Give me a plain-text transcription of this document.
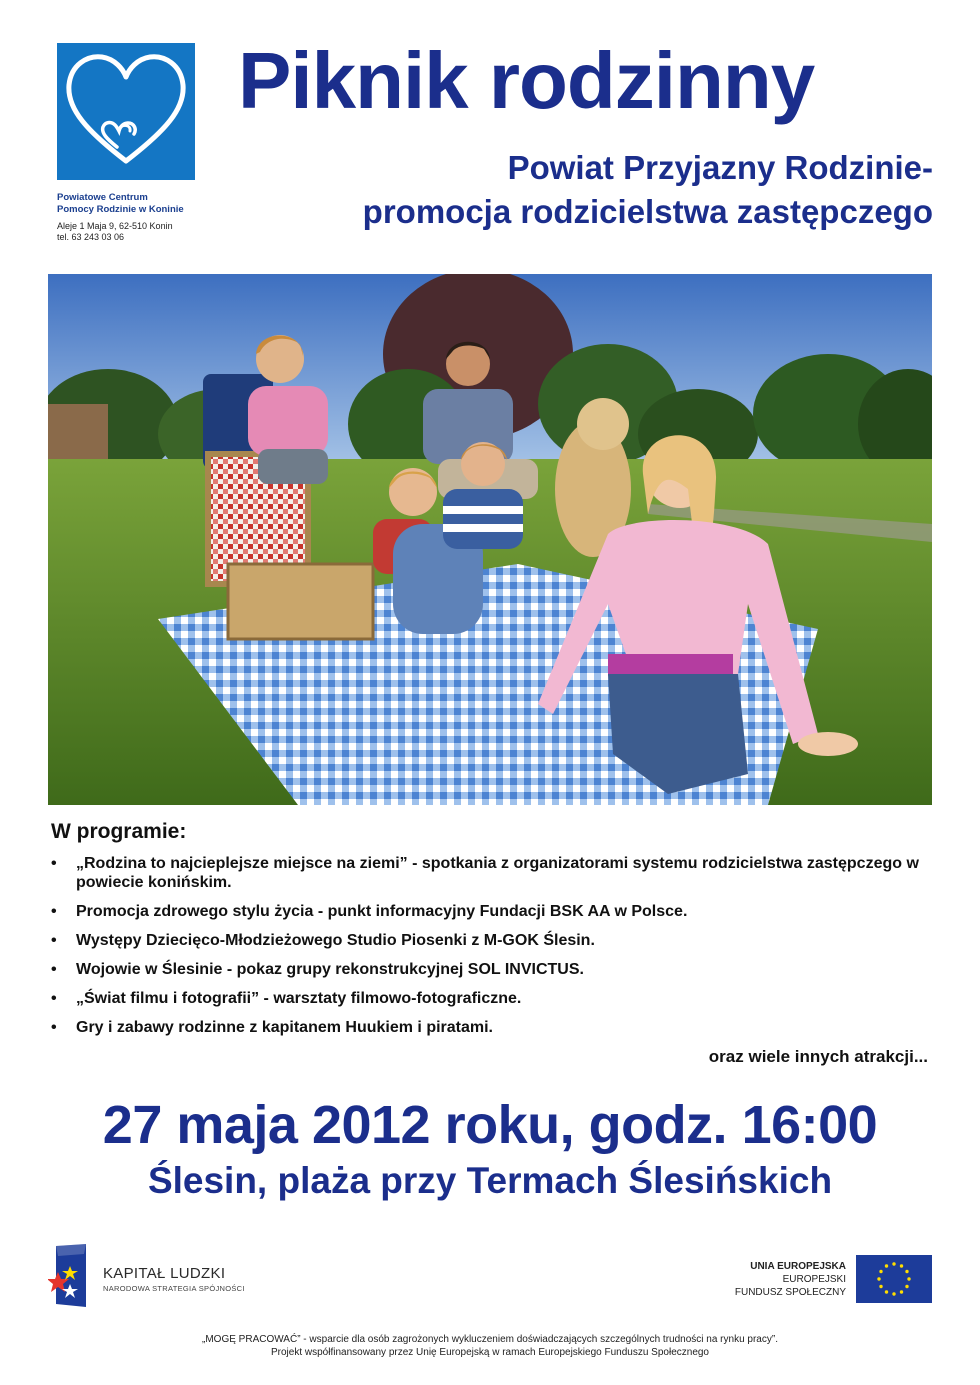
Powiatowe Centrum
Pomocy Rodzinie w Koninie
Aleje 1 Maja 9, 62-510 Konin
tel. 63 243 03 06
Piknik rodzinny
Powiat Przyjazny Rodzinie-
promocja rodzicielstwa zastępczego
W programie:
• „Rodzina to najcieplejsze miejsce na ziemi” - spotkania z organizatorami systemu rodzicielstwa zastępczego w powiecie konińskim.
• Promocja zdrowego stylu życia - punkt informacyjny Fundacji BSK AA w Polsce.
• Występy Dziecięco-Młodzieżowego Studio Piosenki z M-GOK Ślesin.
• Wojowie w Ślesinie - pokaz grupy rekonstrukcyjnej SOL INVICTUS.
• „Świat filmu i fotografii” - warsztaty filmowo-fotograficzne.
• Gry i zabawy rodzinne z kapitanem Huukiem i piratami.
oraz wiele innych atrakcji...
27 maja 2012 roku, godz. 16:00
Ślesin, plaża przy Termach Ślesińskich
KAPITAŁ LUDZKI
NARODOWA STRATEGIA SPÓJNOŚCI
UNIA EUROPEJSKA
EUROPEJSKI
FUNDUSZ SPOŁECZNY
„MOGĘ PRACOWAĆ” - wsparcie dla osób zagrożonych wykluczeniem doświadczających szczególnych trudności na rynku pracy”.
Projekt współfinansowany przez Unię Europejską w ramach Europejskiego Funduszu Społecznego
